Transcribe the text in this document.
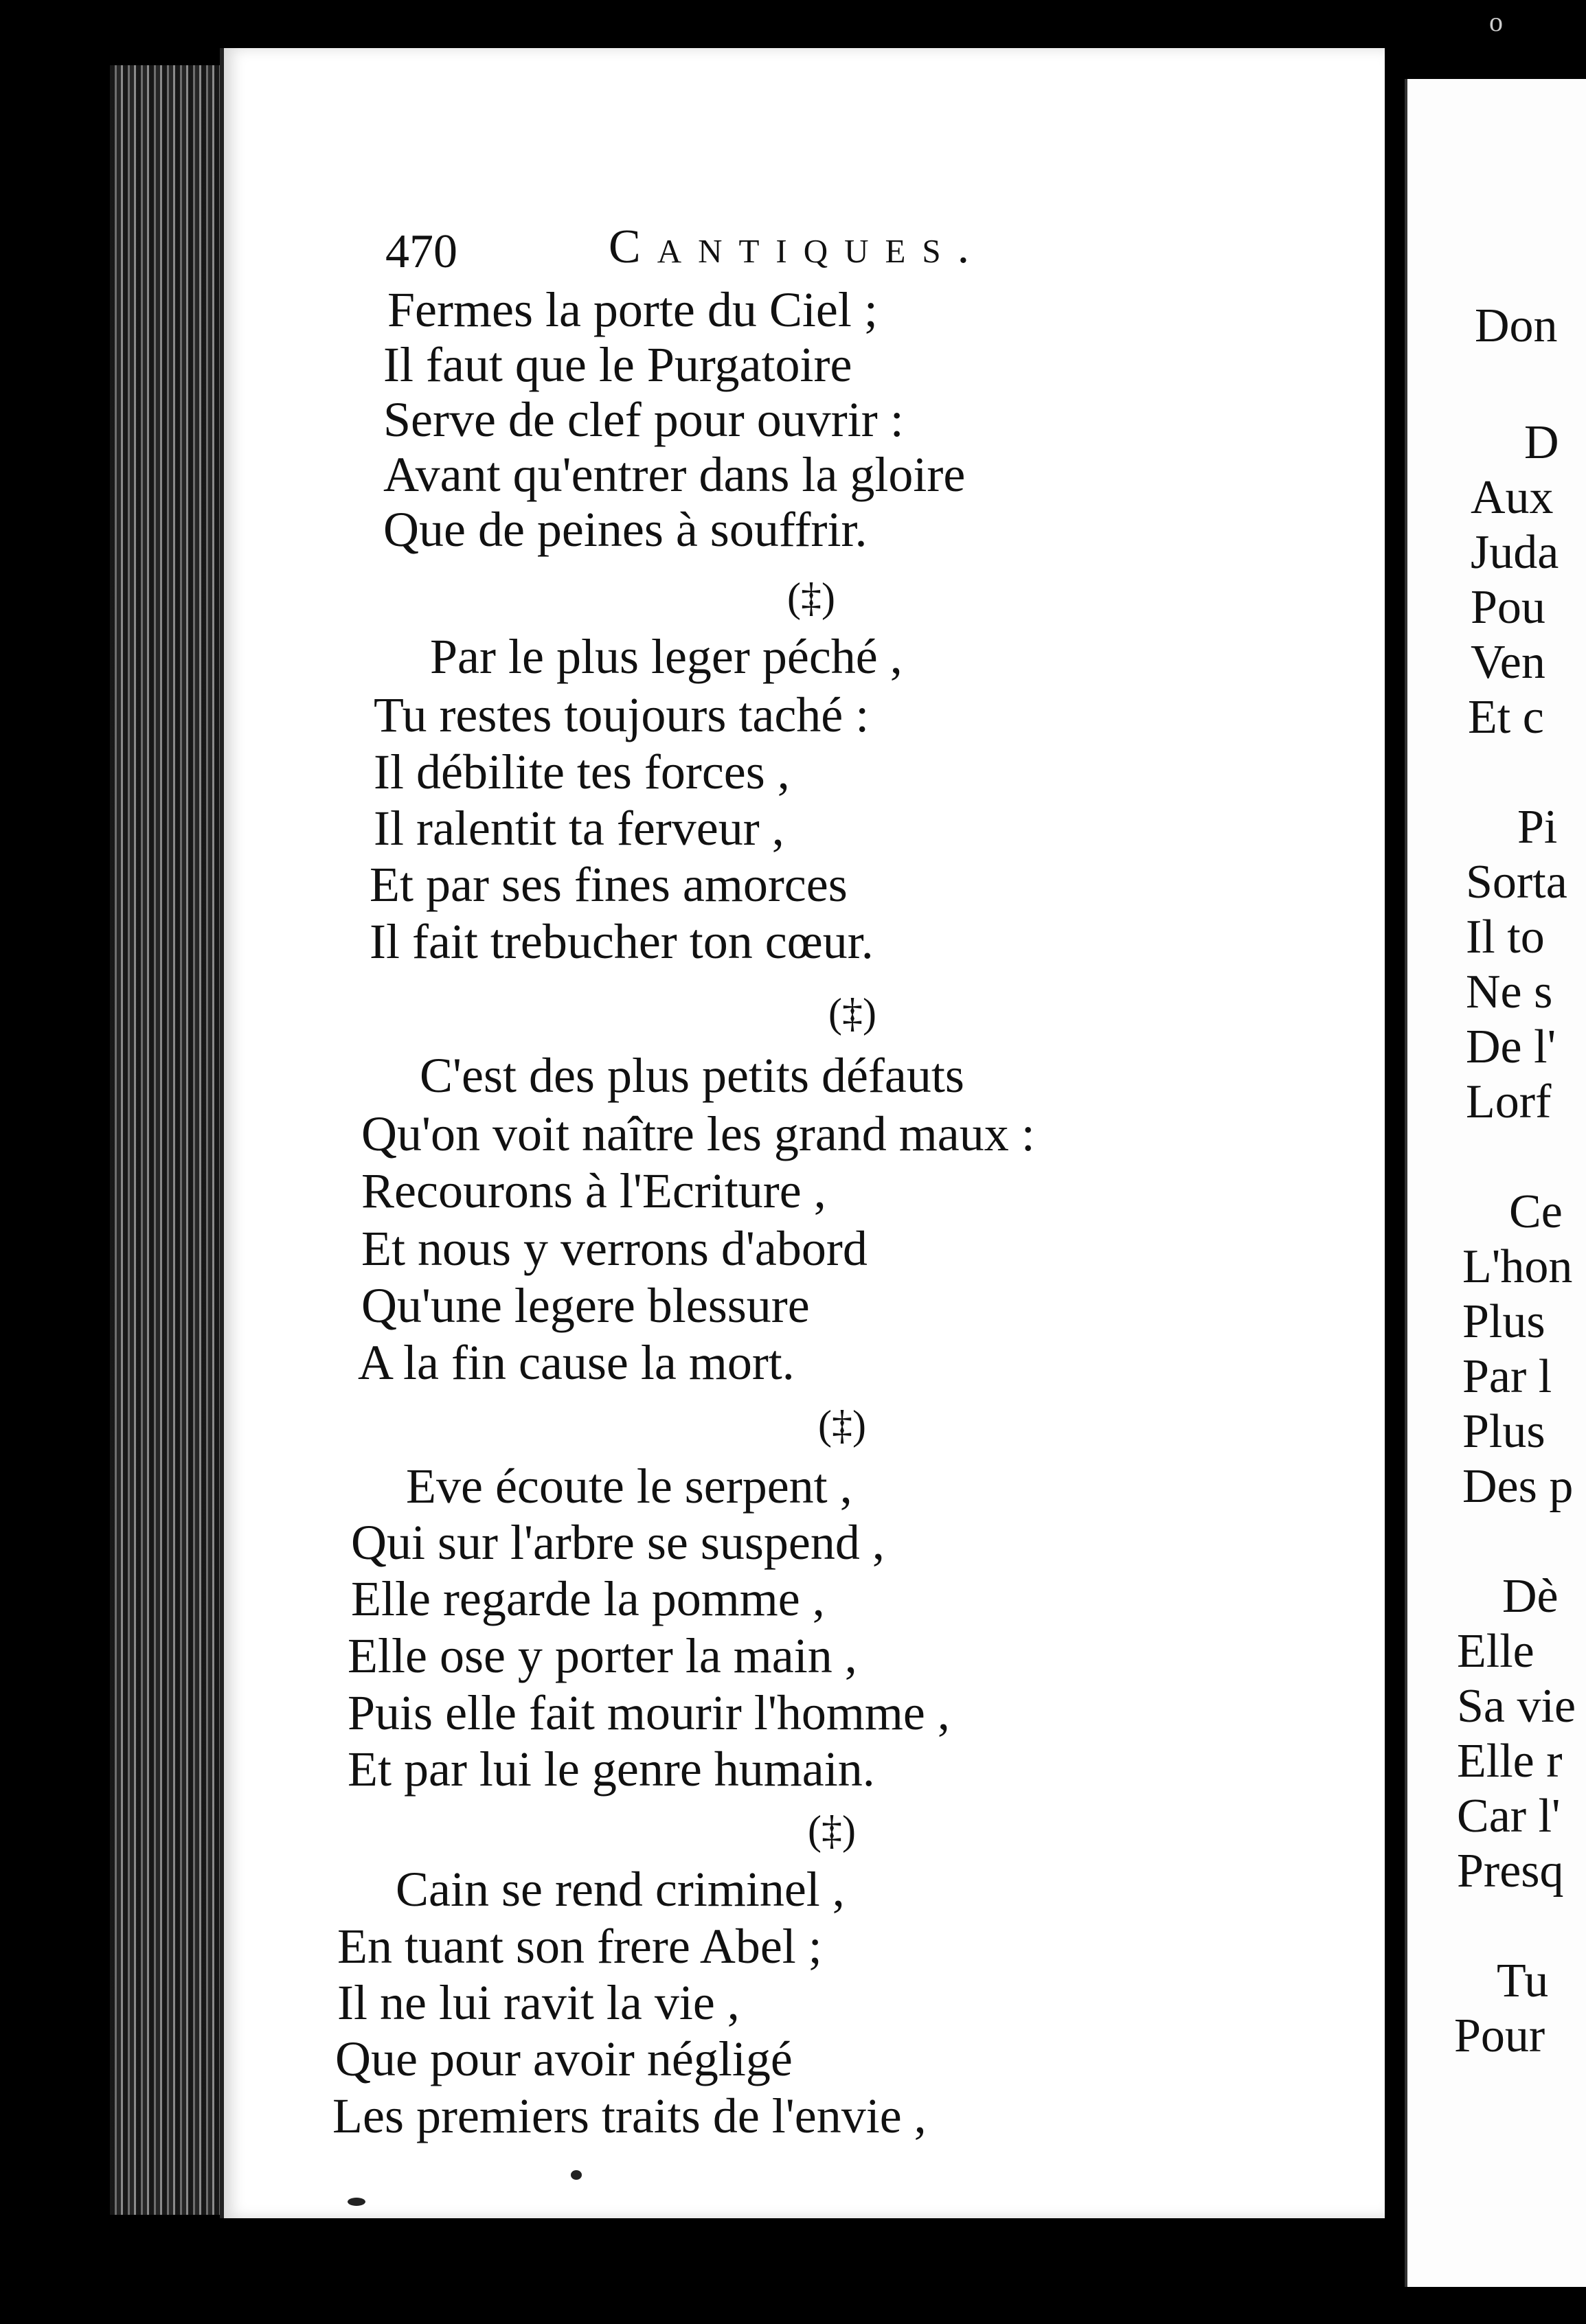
o
470	Cantiques.
Fermes la porte du Ciel ;
Il faut que le Purgatoire
Serve de clef pour ouvrir :
Avant qu'entrer dans la gloire
Que de peines à souffrir.
(‡)
Par le plus leger péché ,
Tu restes toujours taché :
Il débilite tes forces ,
Il ralentit ta ferveur ,
Et par ses fines amorces
Il fait trebucher ton cœur.
(‡)
C'est des plus petits défauts
Qu'on voit naître les grand maux :
Recourons à l'Ecriture ,
Et nous y verrons d'abord
Qu'une legere blessure
A la fin cause la mort.
(‡)
Eve écoute le serpent ,
Qui sur l'arbre se suspend ,
Elle regarde la pomme ,
Elle ose y porter la main ,
Puis elle fait mourir l'homme ,
Et par lui le genre humain.
(‡)
Cain se rend criminel ,
En tuant son frere Abel ;
Il ne lui ravit la vie ,
Que pour avoir négligé
Les premiers traits de l'envie ,
Don
D
Aux
Juda
Pou
Ven
Et c
Pi
Sorta
Il to
Ne s
De l'
Lorf
Ce
L'hon
Plus
Par l
Plus
Des p
Dè
Elle
Sa vie
Elle r
Car l'
Presq
Tu
Pour
